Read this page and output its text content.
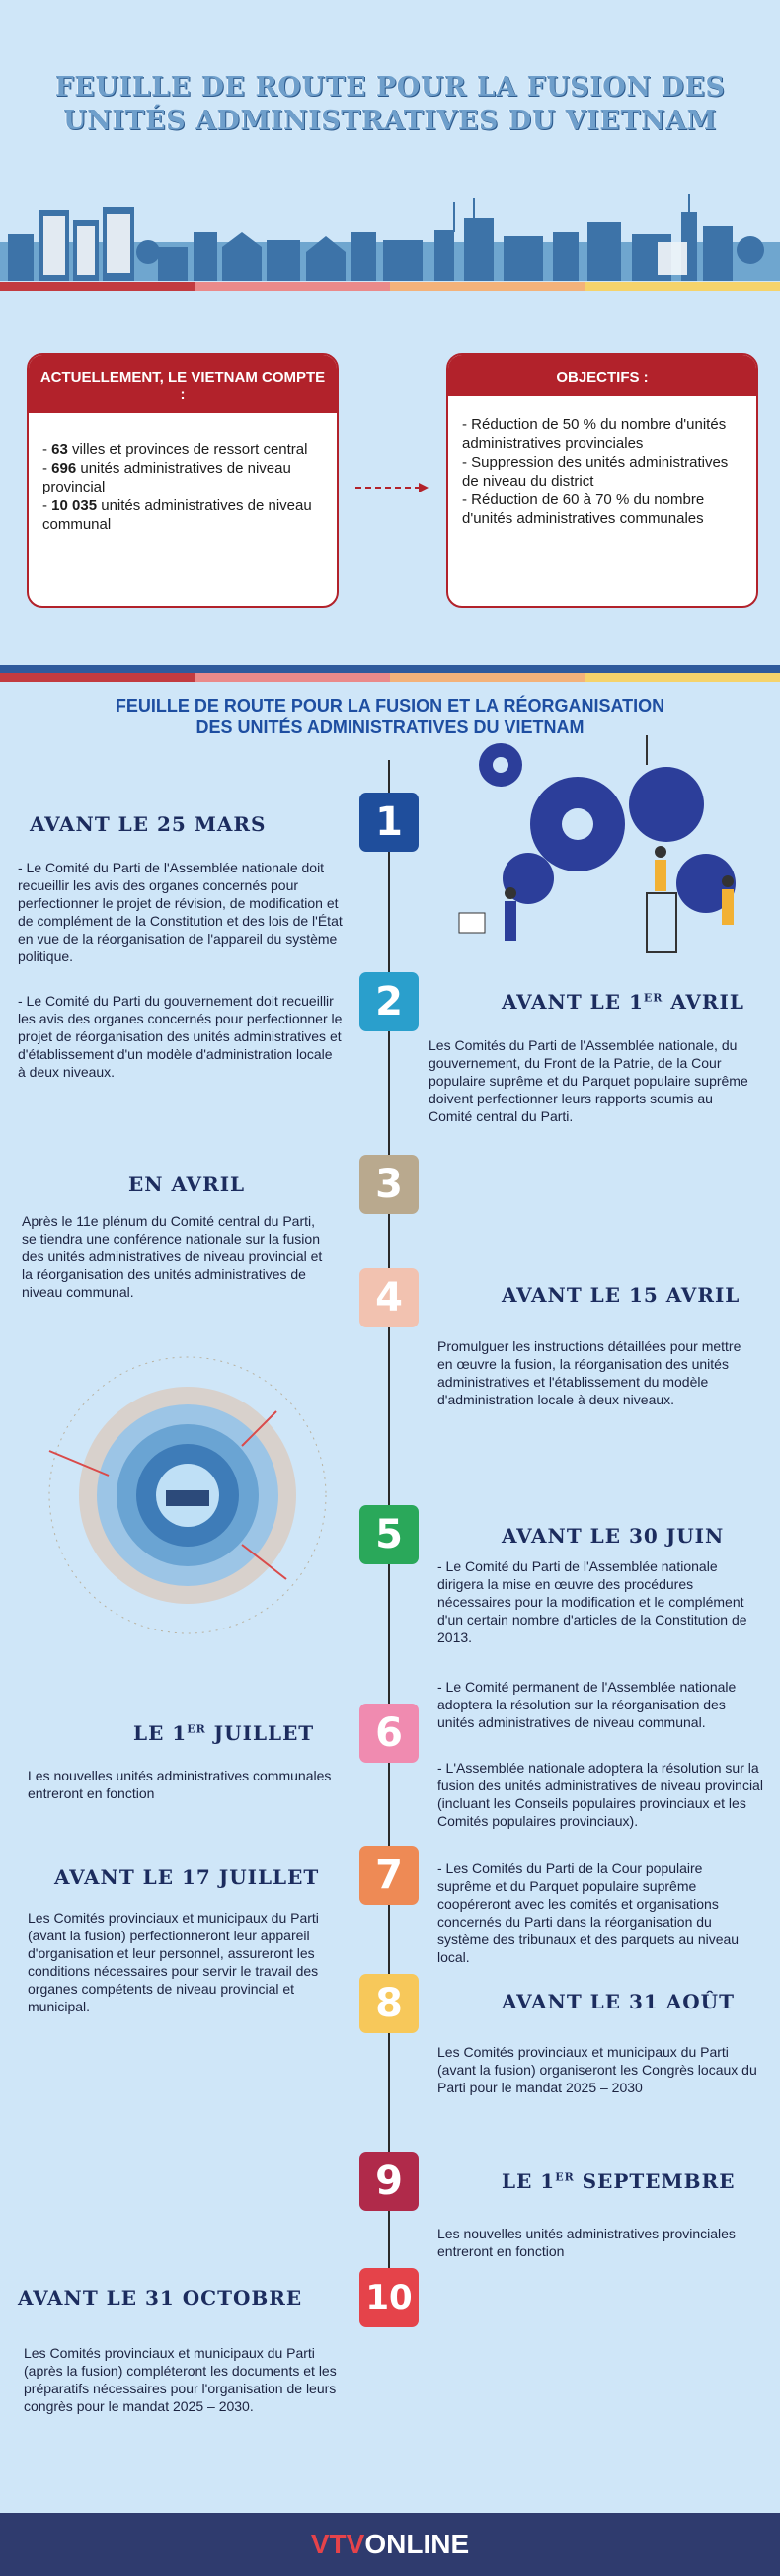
FEUILLE DE ROUTE POUR LA FUSION DES
UNITÉS ADMINISTRATIVES DU VIETNAM
ACTUELLEMENT, LE VIETNAM COMPTE :
- 63 villes et provinces de ressort central
- 696 unités administratives de niveau provincial
- 10 035 unités administratives de niveau communal
OBJECTIFS :
- Réduction de 50 % du nombre d'unités administratives provinciales
- Suppression des unités administratives de niveau du district
- Réduction de 60 à 70 % du nombre d'unités administratives communales
FEUILLE DE ROUTE POUR LA FUSION ET LA RÉORGANISATION
DES UNITÉS ADMINISTRATIVES DU VIETNAM
AVANT LE 25 MARS	1
- Le Comité du Parti de l'Assemblée nationale doit recueillir les avis des organes concernés pour perfectionner le projet de révision, de modification et de complément de la Constitution et des lois de l'État en vue de la réorganisation de l'appareil du système politique.
- Le Comité du Parti du gouvernement doit recueillir les avis des organes concernés pour perfectionner le projet de réorganisation des unités administratives et d'établissement d'un modèle d'administration locale à deux niveaux.
2	AVANT LE 1ER AVRIL
Les Comités du Parti de l'Assemblée nationale, du gouvernement, du Front de la Patrie, de la Cour populaire suprême et du Parquet populaire suprême doivent perfectionner leurs rapports soumis au Comité central du Parti.
EN AVRIL	3
Après le 11e plénum du Comité central du Parti, se tiendra une conférence nationale sur la fusion des unités administratives de niveau provincial et la réorganisation des unités administratives de niveau communal.	4	AVANT LE 15 AVRIL
Promulguer les instructions détaillées pour mettre en œuvre la fusion, la réorganisation des unités administratives et l'établissement du modèle d'administration locale à deux niveaux.
5	AVANT LE 30 JUIN
- Le Comité du Parti de l'Assemblée nationale dirigera la mise en œuvre des procédures nécessaires pour la modification et le complément d'un certain nombre d'articles de la Constitution de 2013.
- Le Comité permanent de l'Assemblée nationale adoptera la résolution sur la réorganisation des unités administratives de niveau communal.
- L'Assemblée nationale adoptera la résolution sur la fusion des unités administratives de niveau provincial (incluant les Conseils populaires provinciaux et les Comités populaires provinciaux).
- Les Comités du Parti de la Cour populaire suprême et du Parquet populaire suprême coopéreront avec les comités et organisations concernés du Parti dans la réorganisation du système des tribunaux et des parquets au niveau local.
LE 1ER JUILLET	6
Les nouvelles unités administratives communales entreront en fonction
AVANT LE 17 JUILLET	7
Les Comités provinciaux et municipaux du Parti (avant la fusion) perfectionneront leur appareil d'organisation et leur personnel, assureront les conditions nécessaires pour servir le travail des organes compétents de niveau provincial et municipal.	8	AVANT LE 31 AOÛT
Les Comités provinciaux et municipaux du Parti (avant la fusion) organiseront les Congrès locaux du Parti pour le mandat 2025 – 2030
9	LE 1ER SEPTEMBRE
Les nouvelles unités administratives provinciales entreront en fonction
AVANT LE 31 OCTOBRE 10
Les Comités provinciaux et municipaux du Parti (après la fusion) compléteront les documents et les préparatifs nécessaires pour l'organisation de leurs congrès pour le mandat 2025 – 2030.
VTVONLINE
